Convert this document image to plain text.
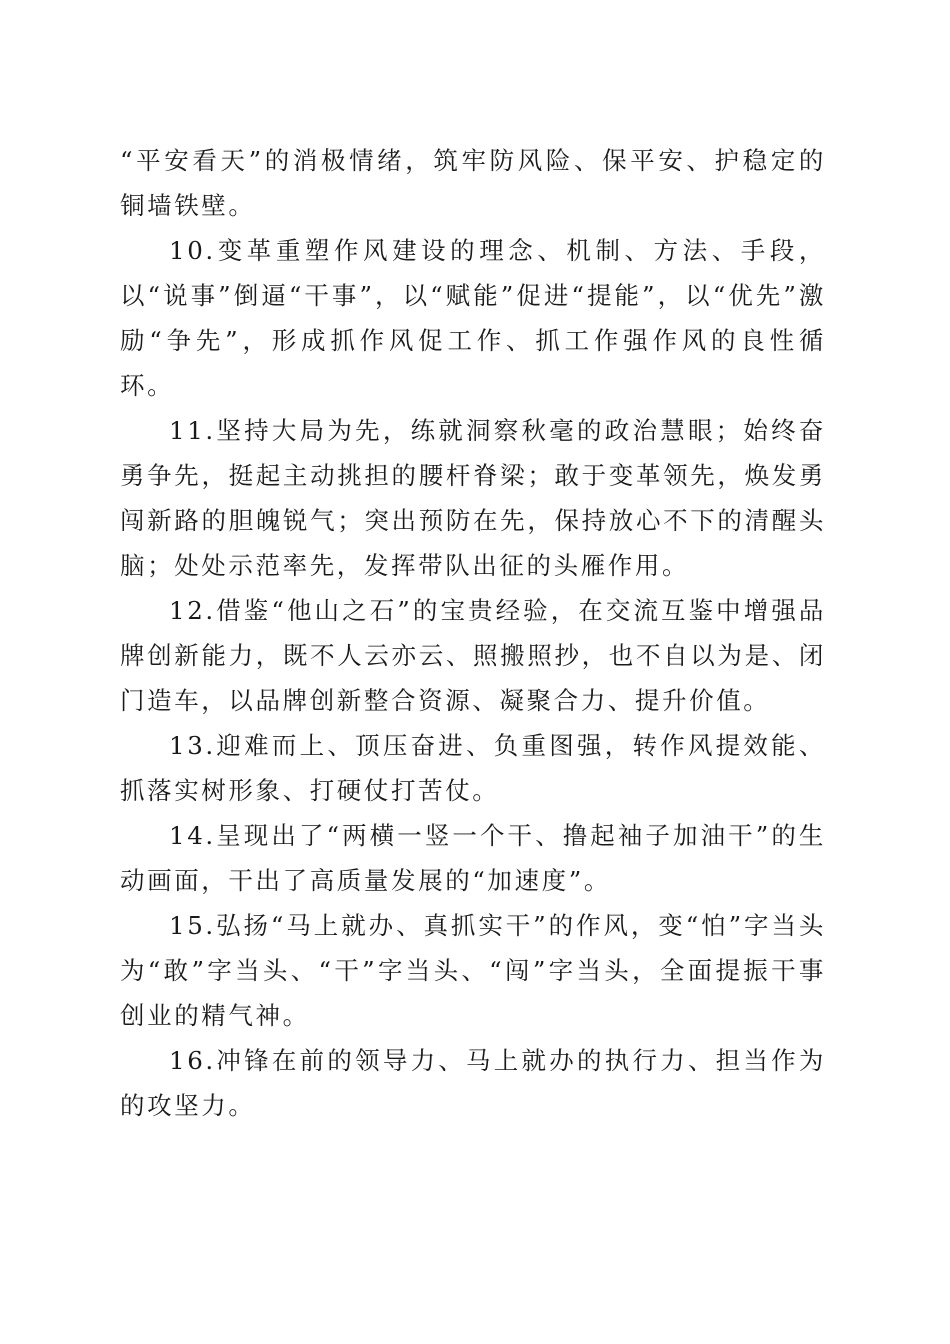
“平安看天”的消极情绪，筑牢防风险、保平安、护稳定的铜墙铁壁。

10.变革重塑作风建设的理念、机制、方法、手段，以“说事”倒逼“干事”，以“赋能”促进“提能”，以“优先”激励“争先”，形成抓作风促工作、抓工作强作风的良性循环。

11.坚持大局为先，练就洞察秋毫的政治慧眼；始终奋勇争先，挺起主动挑担的腰杆脊梁；敢于变革领先，焕发勇闯新路的胆魄锐气；突出预防在先，保持放心不下的清醒头脑；处处示范率先，发挥带队出征的头雁作用。

12.借鉴“他山之石”的宝贵经验，在交流互鉴中增强品牌创新能力，既不人云亦云、照搬照抄，也不自以为是、闭门造车，以品牌创新整合资源、凝聚合力、提升价值。

13.迎难而上、顶压奋进、负重图强，转作风提效能、抓落实树形象、打硬仗打苦仗。

14.呈现出了“两横一竖一个干、撸起袖子加油干”的生动画面，干出了高质量发展的“加速度”。

15.弘扬“马上就办、真抓实干”的作风，变“怕”字当头为“敢”字当头、“干”字当头、“闯”字当头，全面提振干事创业的精气神。

16.冲锋在前的领导力、马上就办的执行力、担当作为的攻坚力。
